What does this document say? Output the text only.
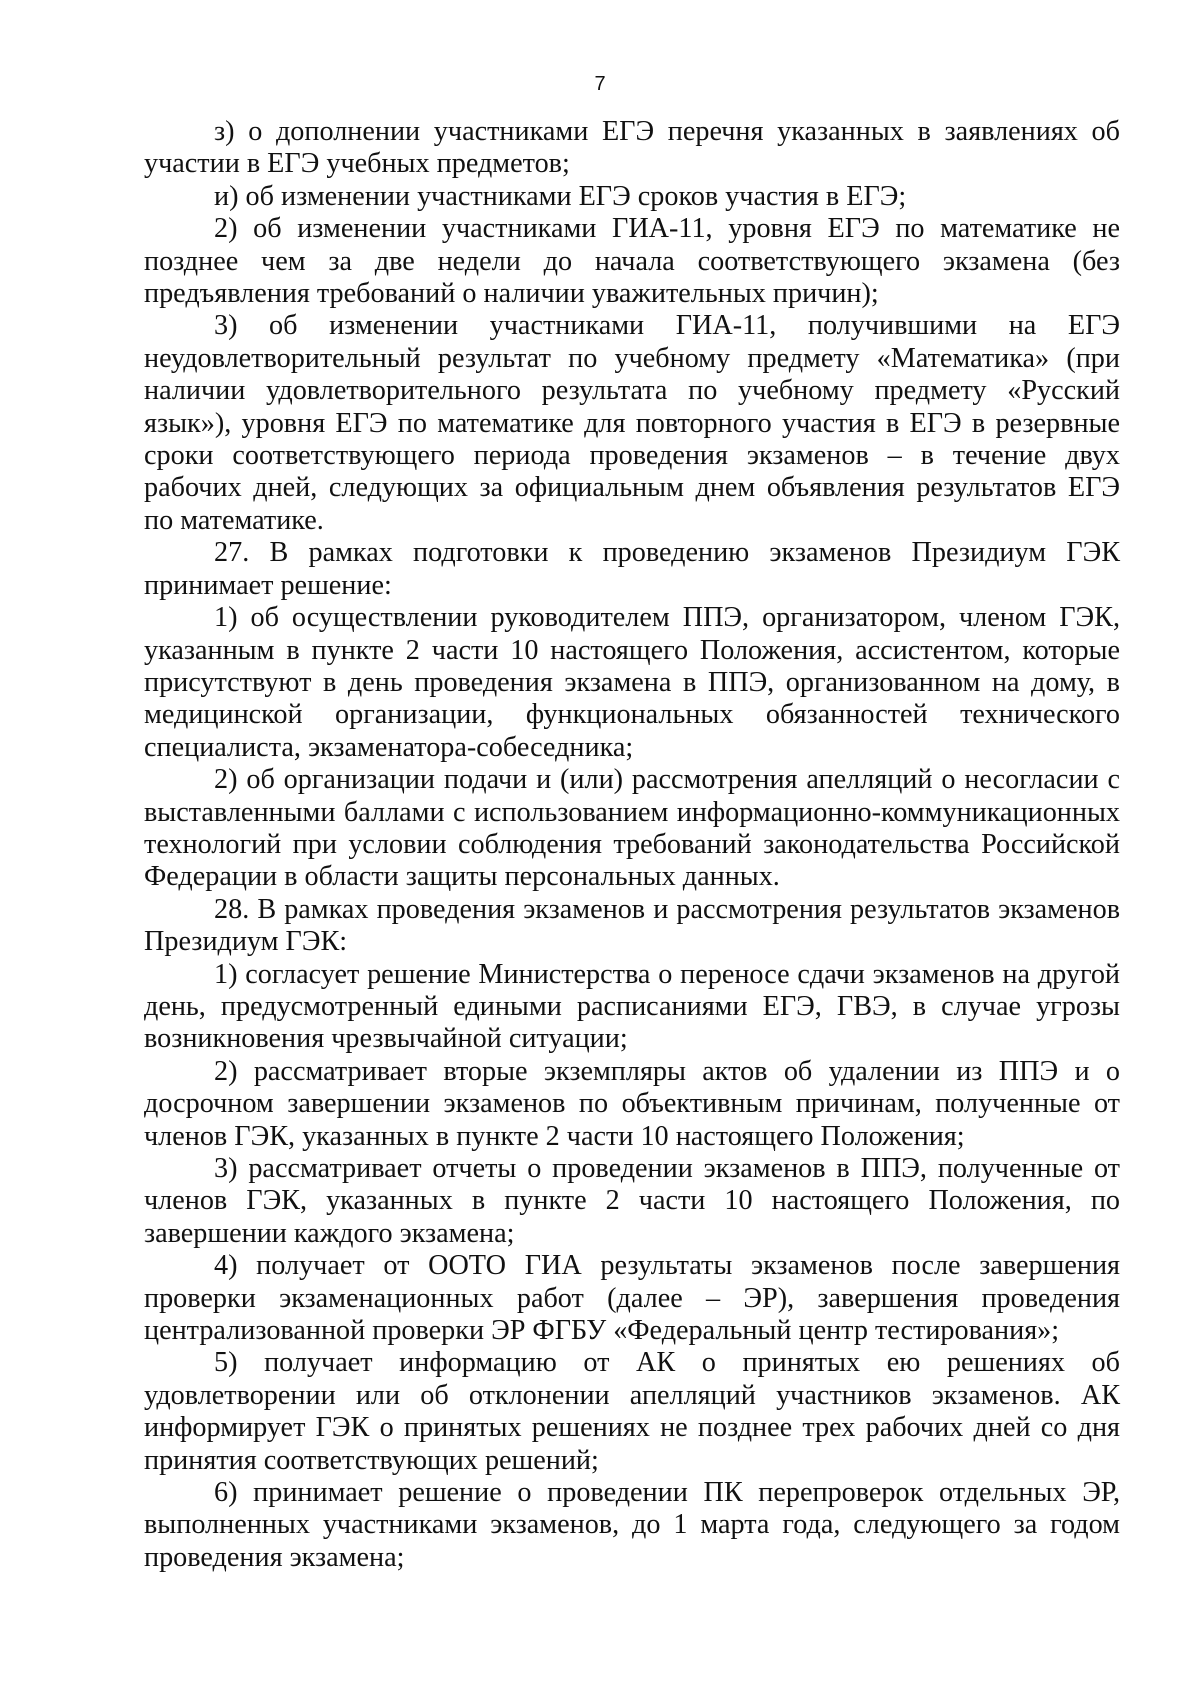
7

з) о дополнении участниками ЕГЭ перечня указанных в заявлениях об участии в ЕГЭ учебных предметов;

и) об изменении участниками ЕГЭ сроков участия в ЕГЭ;

2) об изменении участниками ГИА-11, уровня ЕГЭ по математике не позднее чем за две недели до начала соответствующего экзамена (без предъявления требований о наличии уважительных причин);

3) об изменении участниками ГИА-11, получившими на ЕГЭ неудовлетворительный результат по учебному предмету «Математика» (при наличии удовлетворительного результата по учебному предмету «Русский язык»), уровня ЕГЭ по математике для повторного участия в ЕГЭ в резервные сроки соответствующего периода проведения экзаменов – в течение двух рабочих дней, следующих за официальным днем объявления результатов ЕГЭ по математике.

27. В рамках подготовки к проведению экзаменов Президиум ГЭК принимает решение:

1) об осуществлении руководителем ППЭ, организатором, членом ГЭК, указанным в пункте 2 части 10 настоящего Положения, ассистентом, которые присутствуют в день проведения экзамена в ППЭ, организованном на дому, в медицинской организации, функциональных обязанностей технического специалиста, экзаменатора-собеседника;

2) об организации подачи и (или) рассмотрения апелляций о несогласии с выставленными баллами с использованием информационно-коммуникационных технологий при условии соблюдения требований законодательства Российской Федерации в области защиты персональных данных.

28. В рамках проведения экзаменов и рассмотрения результатов экзаменов Президиум ГЭК:

1) согласует решение Министерства о переносе сдачи экзаменов на другой день, предусмотренный едиными расписаниями ЕГЭ, ГВЭ, в случае угрозы возникновения чрезвычайной ситуации;

2) рассматривает вторые экземпляры актов об удалении из ППЭ и о досрочном завершении экзаменов по объективным причинам, полученные от членов ГЭК, указанных в пункте 2 части 10 настоящего Положения;

3) рассматривает отчеты о проведении экзаменов в ППЭ, полученные от членов ГЭК, указанных в пункте 2 части 10 настоящего Положения, по завершении каждого экзамена;

4) получает от ООТО ГИА результаты экзаменов после завершения проверки экзаменационных работ (далее – ЭР), завершения проведения централизованной проверки ЭР ФГБУ «Федеральный центр тестирования»;

5) получает информацию от АК о принятых ею решениях об удовлетворении или об отклонении апелляций участников экзаменов. АК информирует ГЭК о принятых решениях не позднее трех рабочих дней со дня принятия соответствующих решений;

6) принимает решение о проведении ПК перепроверок отдельных ЭР, выполненных участниками экзаменов, до 1 марта года, следующего за годом проведения экзамена;
